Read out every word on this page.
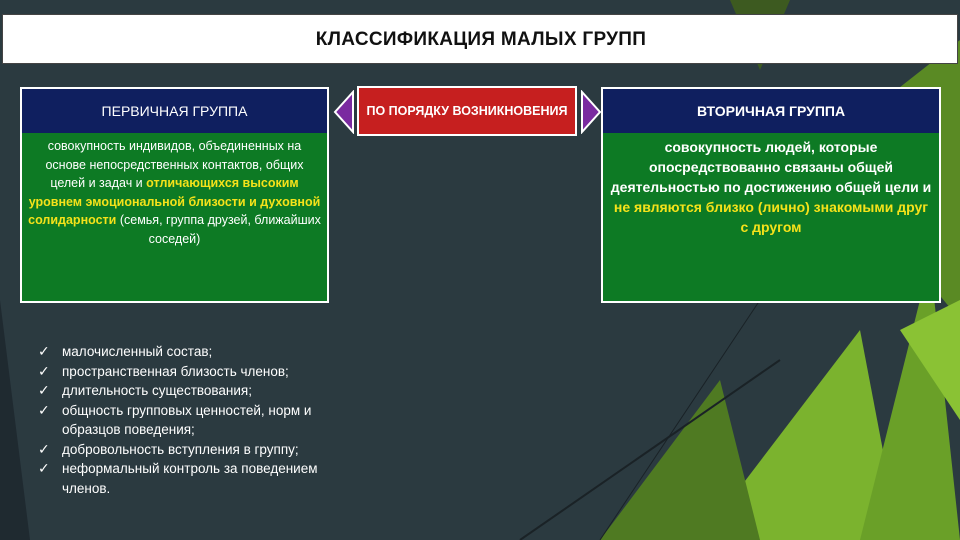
КЛАССИФИКАЦИЯ МАЛЫХ ГРУПП
ПЕРВИЧНАЯ ГРУППА
совокупность индивидов, объединенных на основе непосредственных контактов, общих целей и задач и отличающихся высоким уровнем эмоциональной близости и духовной солидарности (семья, группа друзей, ближайших соседей)
ПО ПОРЯДКУ ВОЗНИКНОВЕНИЯ	ВТОРИЧНАЯ ГРУППА
совокупность людей, которые опосредствованно связаны общей деятельностью по достижению общей цели и не являются близко (лично) знакомыми друг с другом
✓ малочисленный состав;
✓ пространственная близость членов;
✓ длительность существования;
✓ общность групповых ценностей, норм и образцов поведения;
✓ добровольность вступления в группу;
✓ неформальный контроль за поведением членов.
